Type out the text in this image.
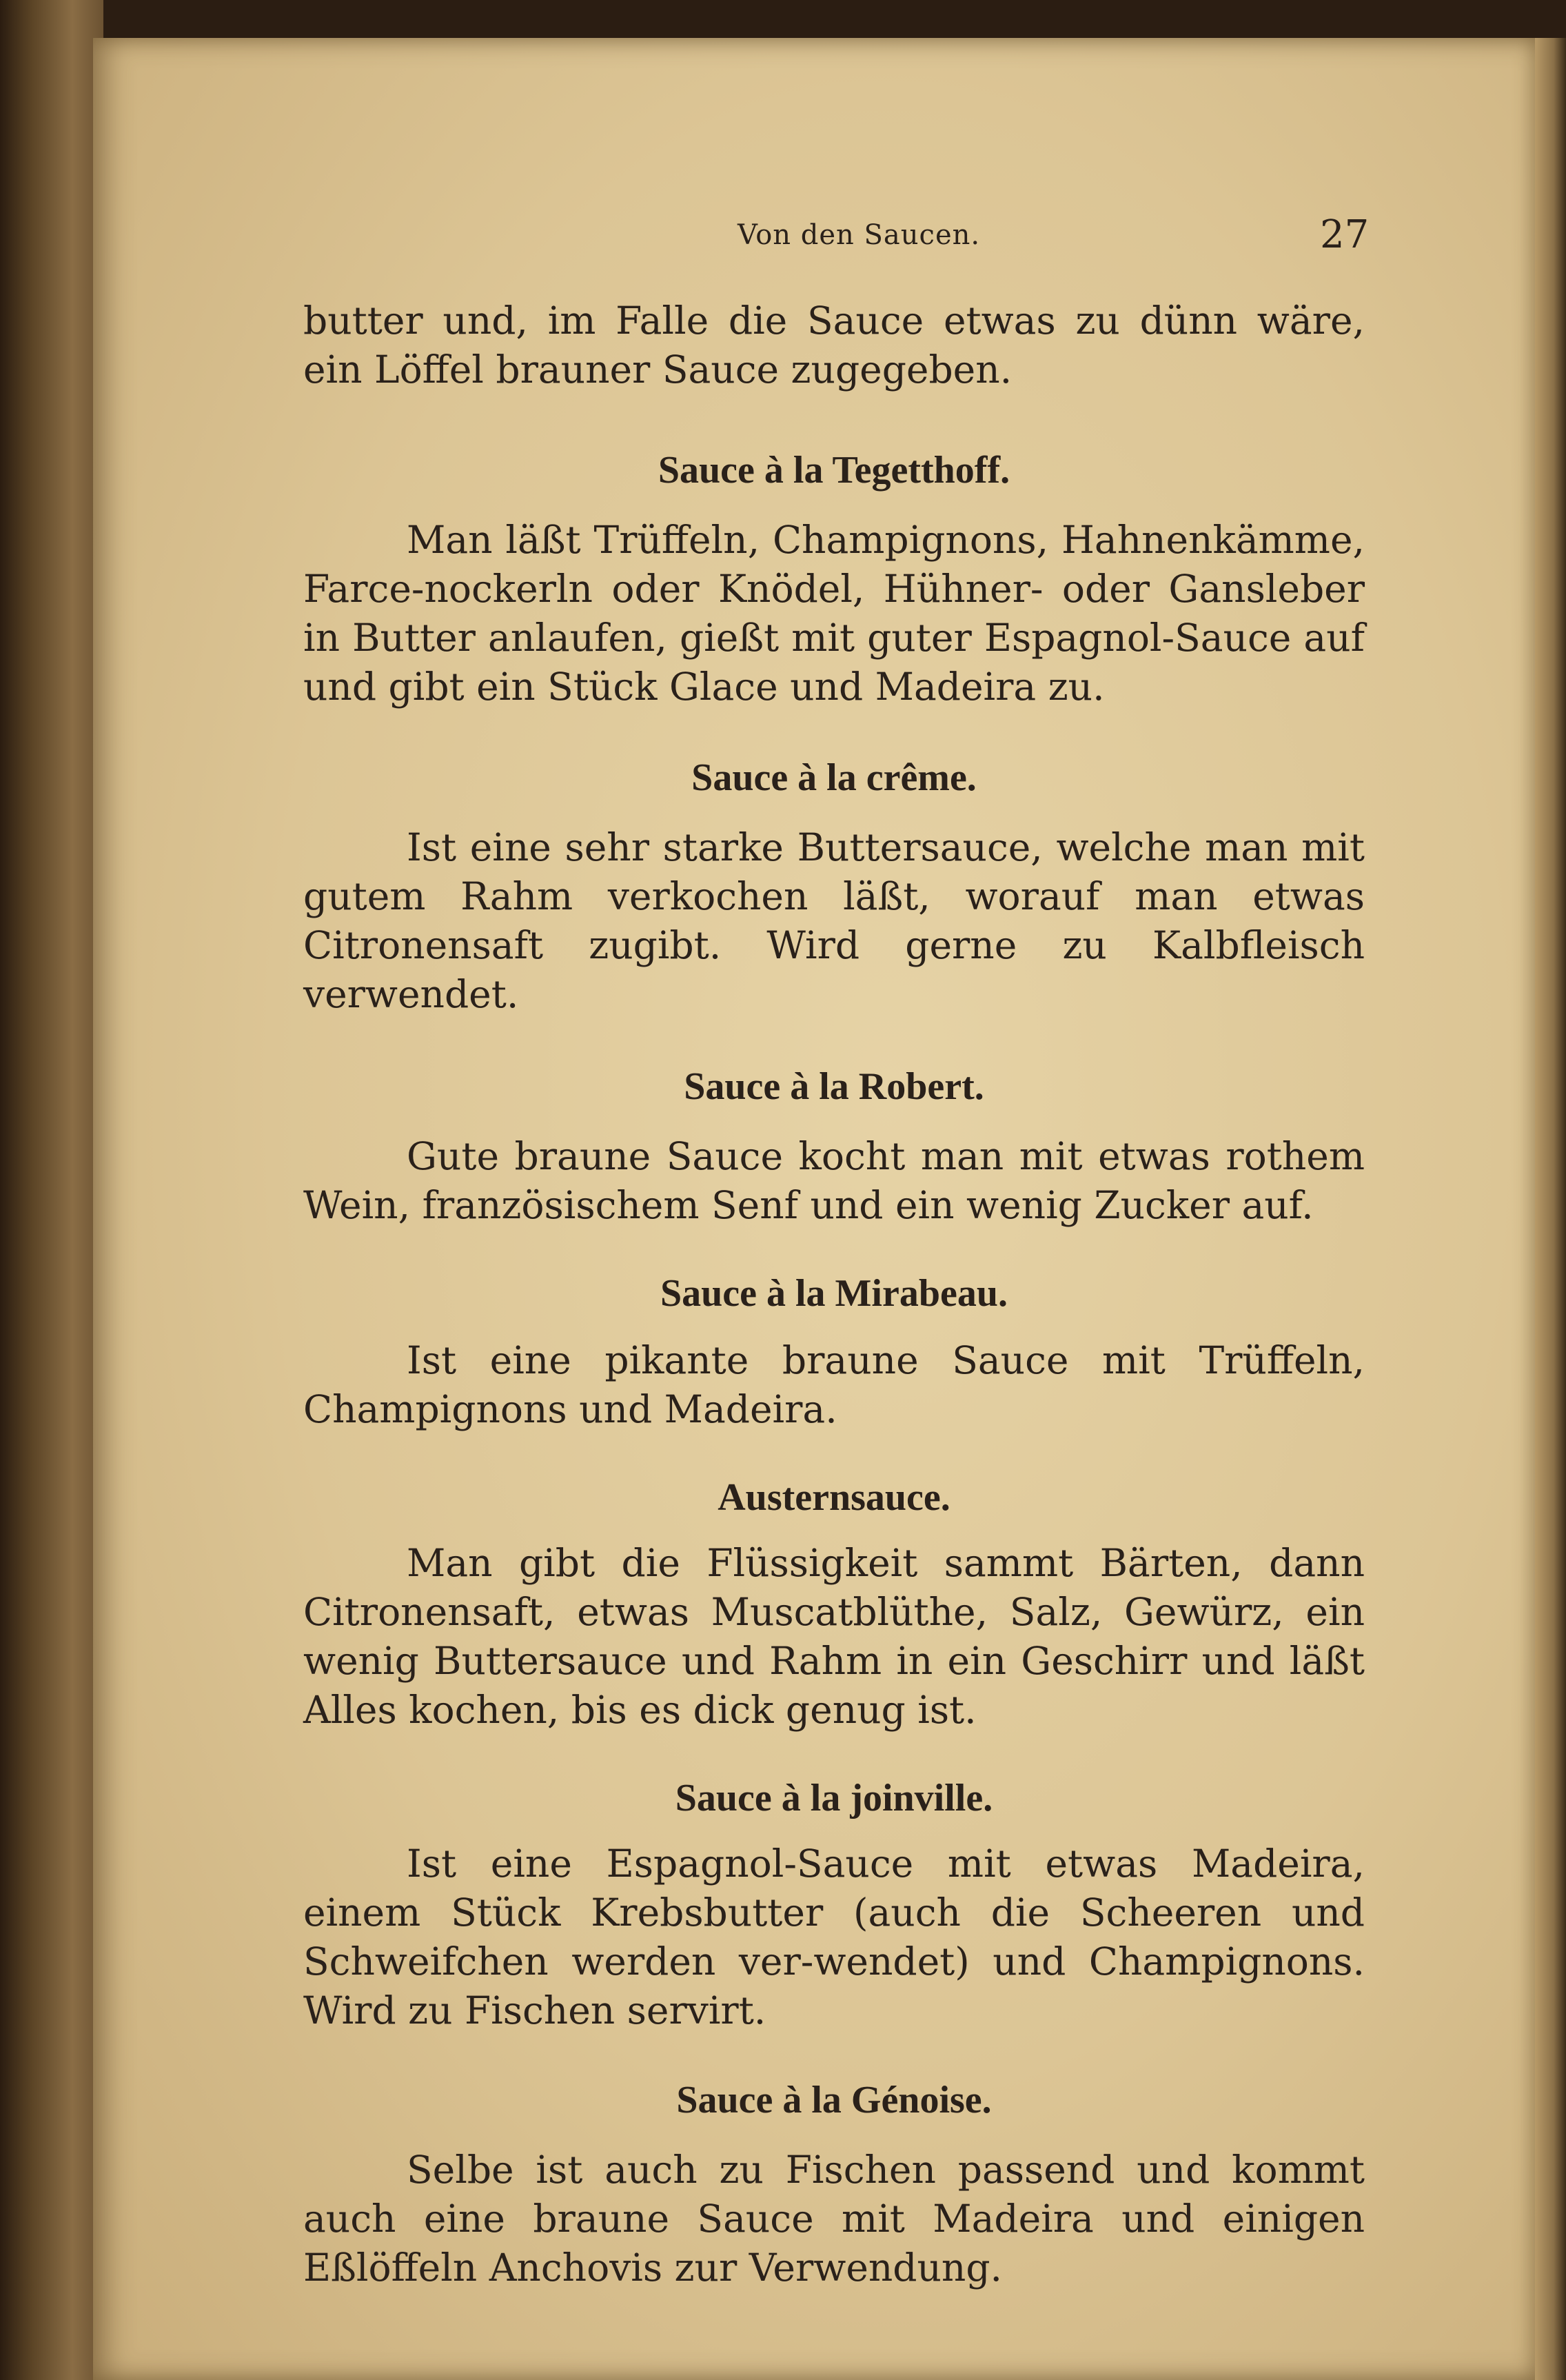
Von den Saucen.	27

butter und, im Falle die Sauce etwas zu dünn wäre, ein Löffel brauner Sauce zugegeben.

Sauce à la Tegetthoff.

Man läßt Trüffeln, Champignons, Hahnenkämme, Farce-nockerln oder Knödel, Hühner- oder Gansleber in Butter anlaufen, gießt mit guter Espagnol-Sauce auf und gibt ein Stück Glace und Madeira zu.

Sauce à la crême.

Ist eine sehr starke Buttersauce, welche man mit gutem Rahm verkochen läßt, worauf man etwas Citronensaft zugibt. Wird gerne zu Kalbfleisch verwendet.

Sauce à la Robert.

Gute braune Sauce kocht man mit etwas rothem Wein, französischem Senf und ein wenig Zucker auf.

Sauce à la Mirabeau.

Ist eine pikante braune Sauce mit Trüffeln, Champignons und Madeira.

Austernsauce.

Man gibt die Flüssigkeit sammt Bärten, dann Citronensaft, etwas Muscatblüthe, Salz, Gewürz, ein wenig Buttersauce und Rahm in ein Geschirr und läßt Alles kochen, bis es dick genug ist.

Sauce à la joinville.

Ist eine Espagnol-Sauce mit etwas Madeira, einem Stück Krebsbutter (auch die Scheeren und Schweifchen werden ver-wendet) und Champignons. Wird zu Fischen servirt.

Sauce à la Génoise.

Selbe ist auch zu Fischen passend und kommt auch eine braune Sauce mit Madeira und einigen Eßlöffeln Anchovis zur Verwendung.
